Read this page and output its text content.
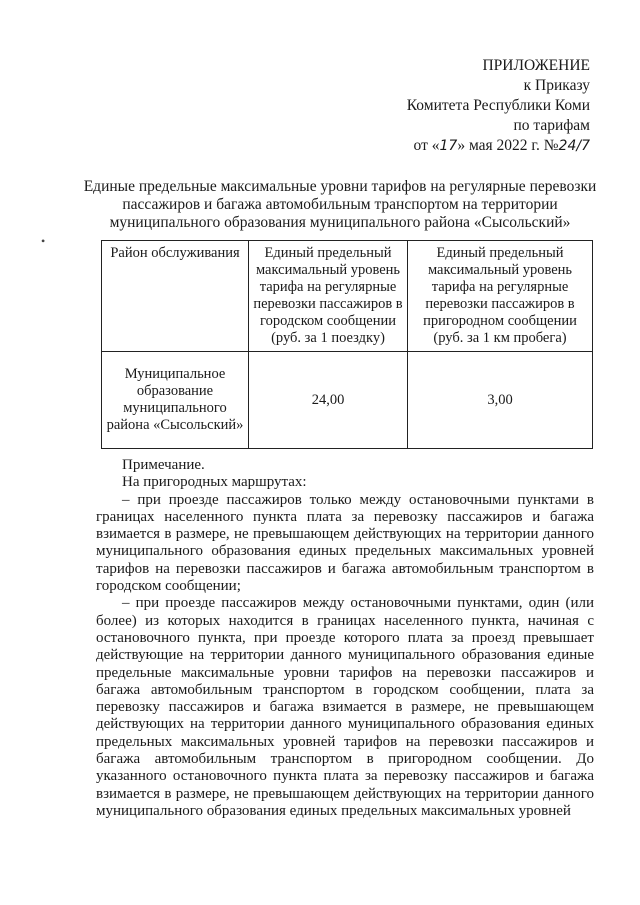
ПРИЛОЖЕНИЕ
к Приказу
Комитета Республики Коми
по тарифам
от «17» мая 2022 г. №24/7
Единые предельные максимальные уровни тарифов на регулярные перевозки пассажиров и багажа автомобильным транспортом на территории муниципального образования муниципального района «Сысольский»
•
Район обслуживания	Единый предельный максимальный уровень тарифа на регулярные перевозки пассажиров в городском сообщении (руб. за 1 поездку)	Единый предельный максимальный уровень тарифа на регулярные перевозки пассажиров в пригородном сообщении (руб. за 1 км пробега)
Муниципальное образование муниципального района «Сысольский»	24,00	3,00

Примечание.

На пригородных маршрутах:

– при проезде пассажиров только между остановочными пунктами в границах населенного пункта плата за перевозку пассажиров и багажа взимается в размере, не превышающем действующих на территории данного муниципального образования единых предельных максимальных уровней тарифов на перевозки пассажиров и багажа автомобильным транспортом в городском сообщении;

– при проезде пассажиров между остановочными пунктами, один (или более) из которых находится в границах населенного пункта, начиная с остановочного пункта, при проезде которого плата за проезд превышает действующие на территории данного муниципального образования единые предельные максимальные уровни тарифов на перевозки пассажиров и багажа автомобильным транспортом в городском сообщении, плата за перевозку пассажиров и багажа взимается в размере, не превышающем действующих на территории данного муниципального образования единых предельных максимальных уровней тарифов на перевозки пассажиров и багажа автомобильным транспортом в пригородном сообщении. До указанного остановочного пункта плата за перевозку пассажиров и багажа взимается в размере, не превышающем действующих на территории данного муниципального образования единых предельных максимальных уровней
